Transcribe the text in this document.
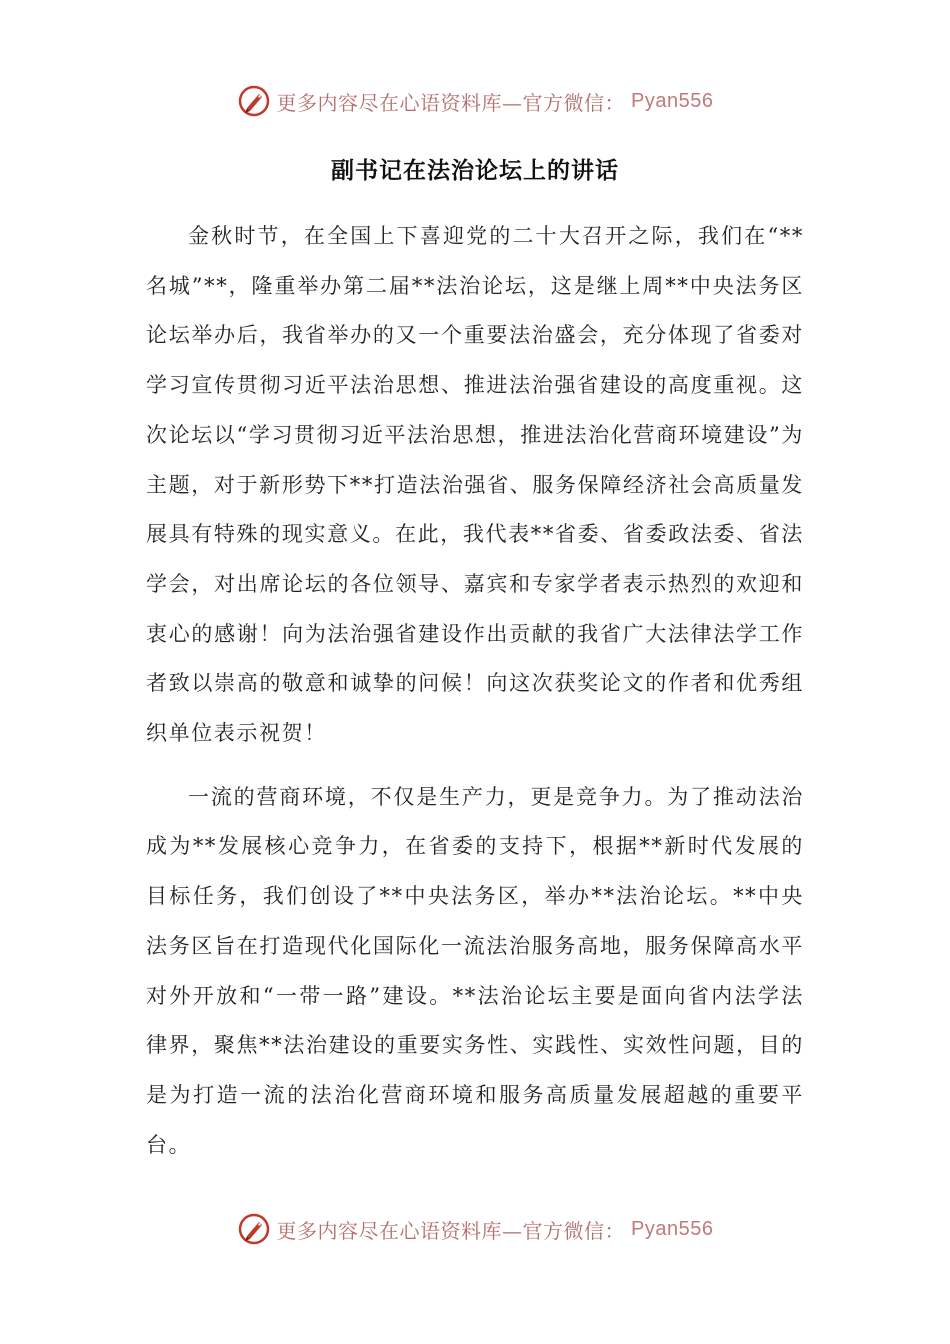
更多内容尽在心语资料库—官方微信： Pyan556
副书记在法治论坛上的讲话

金秋时节，在全国上下喜迎党的二十大召开之际，我们在“**名城”**，隆重举办第二届**法治论坛，这是继上周**中央法务区论坛举办后，我省举办的又一个重要法治盛会，充分体现了省委对学习宣传贯彻习近平法治思想、推进法治强省建设的高度重视。这次论坛以“学习贯彻习近平法治思想，推进法治化营商环境建设”为主题，对于新形势下**打造法治强省、服务保障经济社会高质量发展具有特殊的现实意义。在此，我代表**省委、省委政法委、省法学会，对出席论坛的各位领导、嘉宾和专家学者表示热烈的欢迎和衷心的感谢！向为法治强省建设作出贡献的我省广大法律法学工作者致以崇高的敬意和诚挚的问候！向这次获奖论文的作者和优秀组织单位表示祝贺！

一流的营商环境，不仅是生产力，更是竞争力。为了推动法治成为**发展核心竞争力，在省委的支持下，根据**新时代发展的目标任务，我们创设了**中央法务区，举办**法治论坛。**中央法务区旨在打造现代化国际化一流法治服务高地，服务保障高水平对外开放和“一带一路”建设。**法治论坛主要是面向省内法学法律界，聚焦**法治建设的重要实务性、实践性、实效性问题，目的是为打造一流的法治化营商环境和服务高质量发展超越的重要平台。

更多内容尽在心语资料库—官方微信： Pyan556
